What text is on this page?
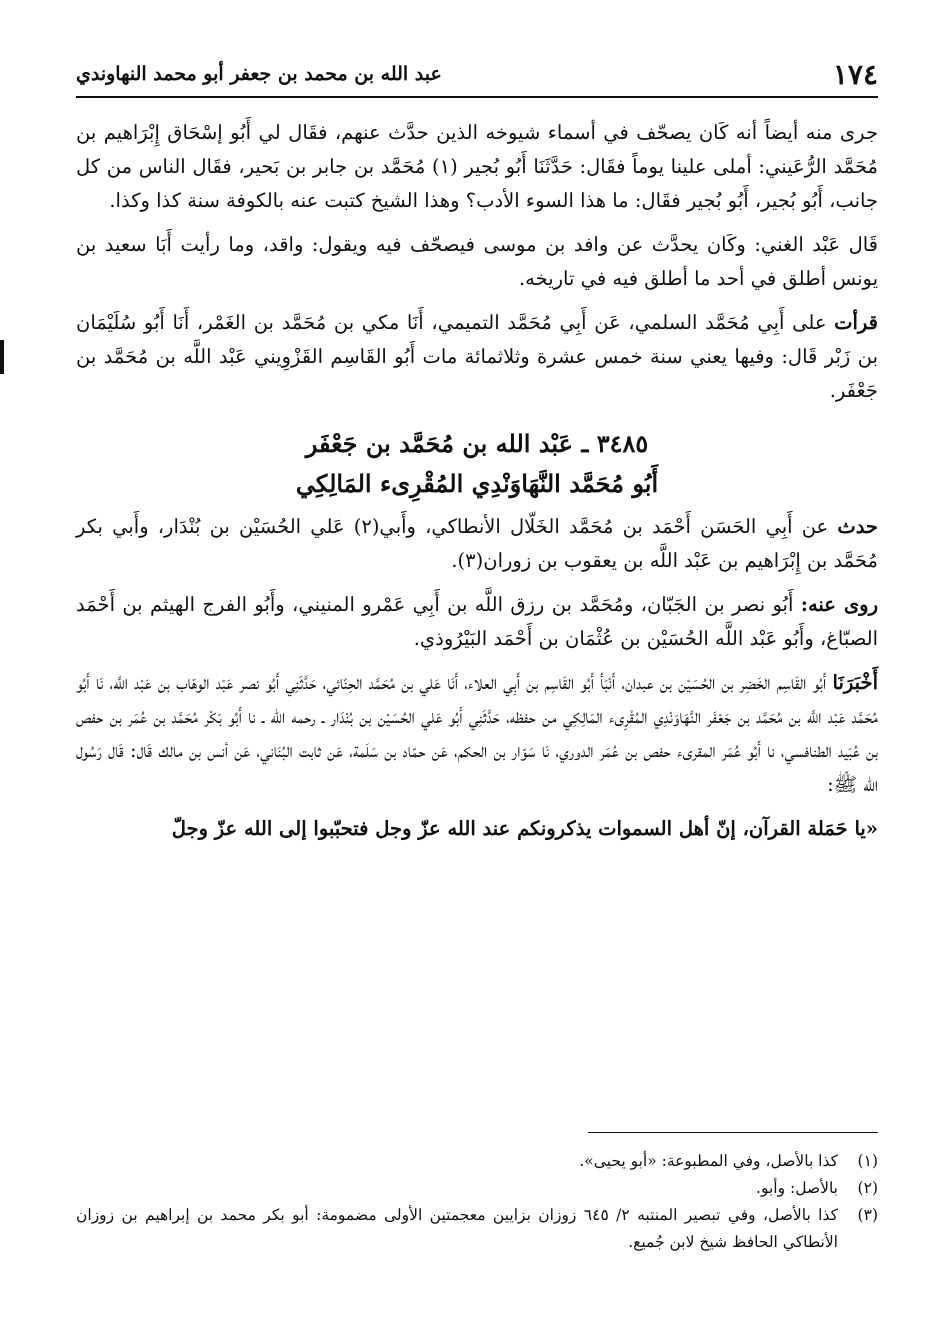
١٧٤
عبد الله بن محمد بن جعفر أبو محمد النهاوندي

جرى منه أيضاً أنه كَان يصحّف في أسماء شيوخه الذين حدَّث عنهم، فقَال لي أَبُو إسْحَاق إِبْرَاهيم بن مُحَمَّد الرُّعَيني: أملى علينا يوماً فقَال: حَدَّثَنَا أَبُو بُجير (١) مُحَمَّد بن جابر بن بَحير، فقَال الناس من كل جانب، أَبُو بُجير، أَبُو بُجير فقَال: ما هذا السوء الأدب؟ وهذا الشيخ كتبت عنه بالكوفة سنة كذا وكذا.

قَال عَبْد الغني: وكَان يحدَّث عن وافد بن موسى فيصحّف فيه ويقول: واقد، وما رأيت أَبَا سعيد بن يونس أطلق في أحد ما أطلق فيه في تاريخه.

قرأت على أَبِي مُحَمَّد السلمي، عَن أَبِي مُحَمَّد التميمي، أَنَا مكي بن مُحَمَّد بن الغَمْر، أَنَا أَبُو سُلَيْمَان بن زَبْر قَال: وفيها يعني سنة خمس عشرة وثلاثمائة مات أَبُو القَاسِم القَزْوِيني عَبْد اللَّه بن مُحَمَّد بن جَعْفَر.

٣٤٨٥ ـ عَبْد الله بن مُحَمَّد بن جَعْفَر
أَبُو مُحَمَّد النَّهَاوَنْدِي المُقْرِىء المَالِكِي

حدث عن أَبِي الحَسَن أَحْمَد بن مُحَمَّد الخَلّال الأنطاكي، وأَبي(٢) عَلي الحُسَيْن بن بُنْدَار، وأَبي بكر مُحَمَّد بن إِبْرَاهيم بن عَبْد اللَّه بن يعقوب بن زوران(٣).

روى عنه: أَبُو نصر بن الجَبّان، ومُحَمَّد بن رزق اللَّه بن أَبِي عَمْرو المنيني، وأَبُو الفرج الهيثم بن أَحْمَد الصبّاغ، وأَبُو عَبْد اللَّه الحُسَيْن بن عُثْمَان بن أَحْمَد البَيْرُوذي.

أَخْبَرَنَا أَبُو القَاسِم الخَضِر بن الحُسَيْن بن عبدان، أَنْبَأَ أَبُو القَاسِم بن أَبِي العلاء، أَنَا عَلي بن مُحَمَّد الحِنّائي، حَدَّثَنِي أَبُو نصر عَبْد الوهّاب بن عَبْد اللَّه، نَا أَبُو مُحَمَّد عَبْد اللَّه بن مُحَمَّد بن جَعْفَر النَّهَاوَنْدِي المُقْرِىء المَالِكِي من حفظه، حَدَّثَنِي أَبُو عَلي الحُسَيْن بن بُنْدَار ـ رحمه الله ـ نا أَبُو بَكْر مُحَمَّد بن عُمَر بن حفص بن عُبَيد الطنافسي، نا أَبُو عُمَر المقرىء حفص بن عُمَر الدوري، نَا سَوّار بن الحكم، عَن حمّاد بن سَلَمة، عَن ثابت البُنَاني، عَن أنس بن مالك قَال: قَال رَسُول الله ﷺ:

«يا حَمَلة القرآن، إنّ أهل السموات يذكرونكم عند الله عزّ وجل فتحبّبوا إلى الله عزّ وجلّ

(١)
كذا بالأصل، وفي المطبوعة: «أبو يحيى».
(٢)
بالأصل: وأبو.
(٣)
كذا بالأصل، وفي تبصير المنتبه ٢/ ٦٤٥ زوزان بزايين معجمتين الأولى مضمومة: أبو بكر محمد بن إبراهيم بن زوزان الأنطاكي الحافظ شيخ لابن جُميع.
